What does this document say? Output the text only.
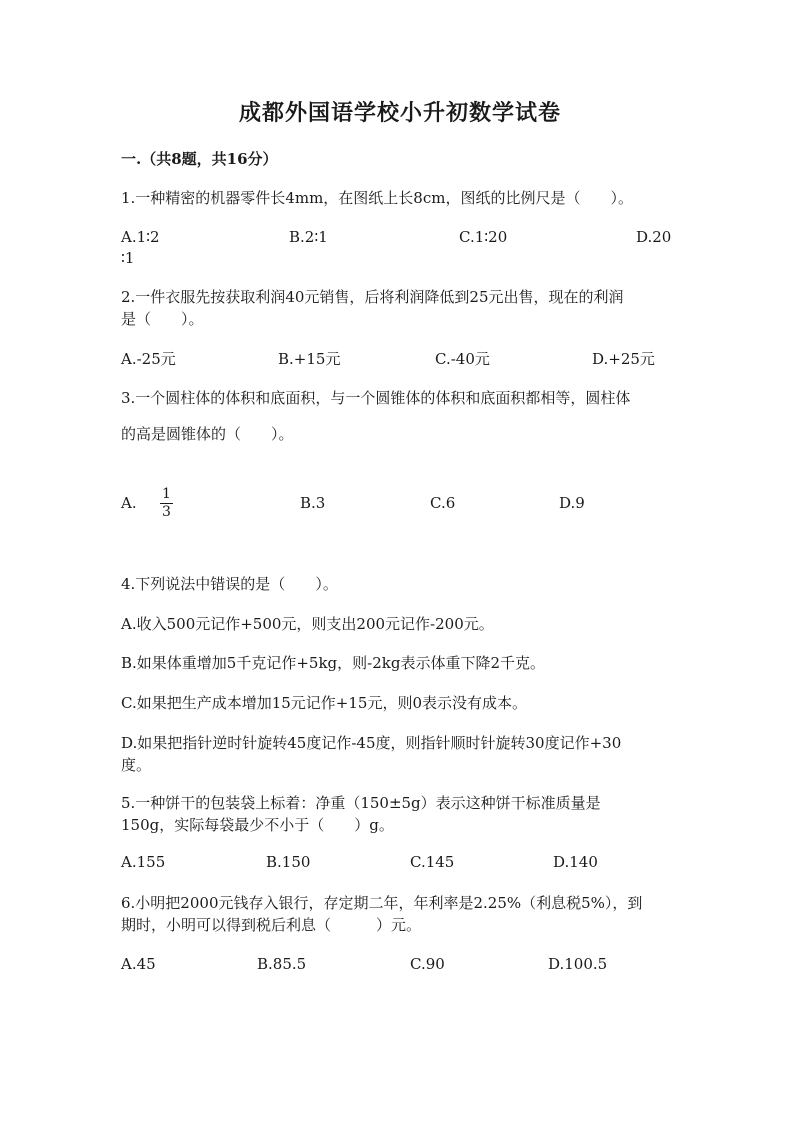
成都外国语学校小升初数学试卷
一.（共8题，共16分）
1.一种精密的机器零件长4mm，在图纸上长8cm，图纸的比例尺是（　　）。
A.1∶2	B.2∶1	C.1∶20	D.20
∶1
2.一件衣服先按获取利润40元销售，后将利润降低到25元出售，现在的利润
是（　　）。
A.-25元	B.+15元	C.-40元	D.+25元
3.一个圆柱体的体积和底面积，与一个圆锥体的体积和底面积都相等，圆柱体
的高是圆锥体的（　　）。
A. $\frac{1}{3}$	B.3	C.6	D.9
4.下列说法中错误的是（　　）。
A.收入500元记作+500元，则支出200元记作-200元。
B.如果体重增加5千克记作+5kg，则-2kg表示体重下降2千克。
C.如果把生产成本增加15元记作+15元，则0表示没有成本。
D.如果把指针逆时针旋转45度记作-45度，则指针顺时针旋转30度记作+30
度。
5.一种饼干的包装袋上标着：净重（150±5g）表示这种饼干标准质量是
150g，实际每袋最少不小于（　　）g。
A.155	B.150	C.145	D.140
6.小明把2000元钱存入银行，存定期二年，年利率是2.25%（利息税5%），到
期时，小明可以得到税后利息（　　　）元。
A.45	B.85.5	C.90	D.100.5
